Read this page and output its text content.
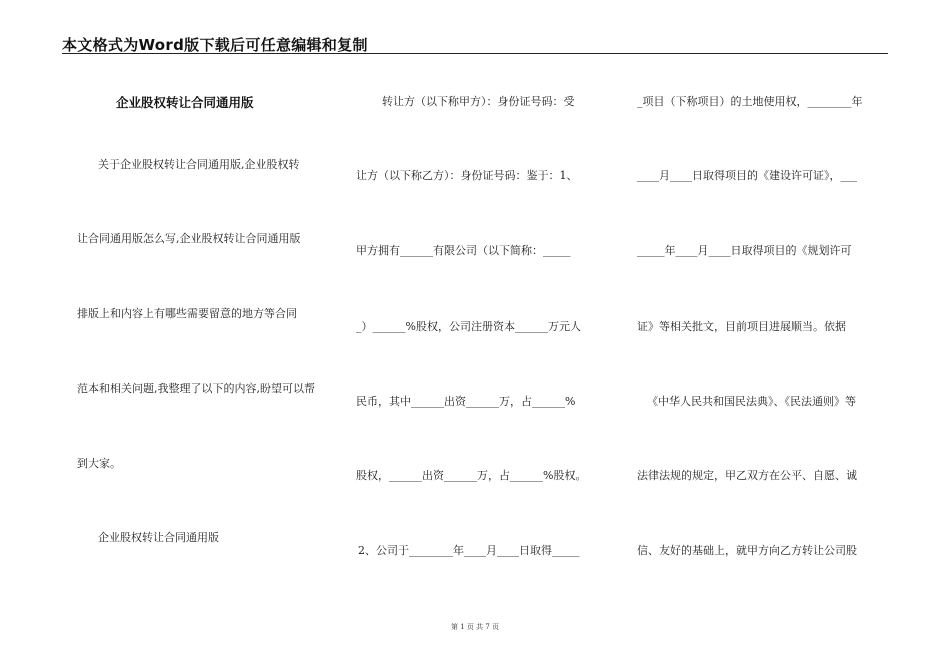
本文格式为Word版下载后可任意编辑和复制
企业股权转让合同通用版
关于企业股权转让合同通用版,企业股权转
让合同通用版怎么写,企业股权转让合同通用版
排版上和内容上有哪些需要留意的地方等合同
范本和相关问题,我整理了以下的内容,盼望可以帮
到大家。
企业股权转让合同通用版
转让方（以下称甲方）：身份证号码：受
让方（以下称乙方）：身份证号码：鉴于：1、
甲方拥有______有限公司（以下简称：_____
_）______%股权，公司注册资本______万元人
民币，其中______出资______万，占______%
股权，______出资______万，占______%股权。
2、公司于________年____月____日取得_____
_项目（下称项目）的土地使用权，________年
____月____日取得项目的《建设许可证》，___
_____年____月____日取得项目的《规划许可
证》等相关批文，目前项目进展顺当。依据
《中华人民共和国民法典》、《民法通则》等
法律法规的规定，甲乙双方在公平、自愿、诚
信、友好的基础上，就甲方向乙方转让公司股
第 1 页 共 7 页
